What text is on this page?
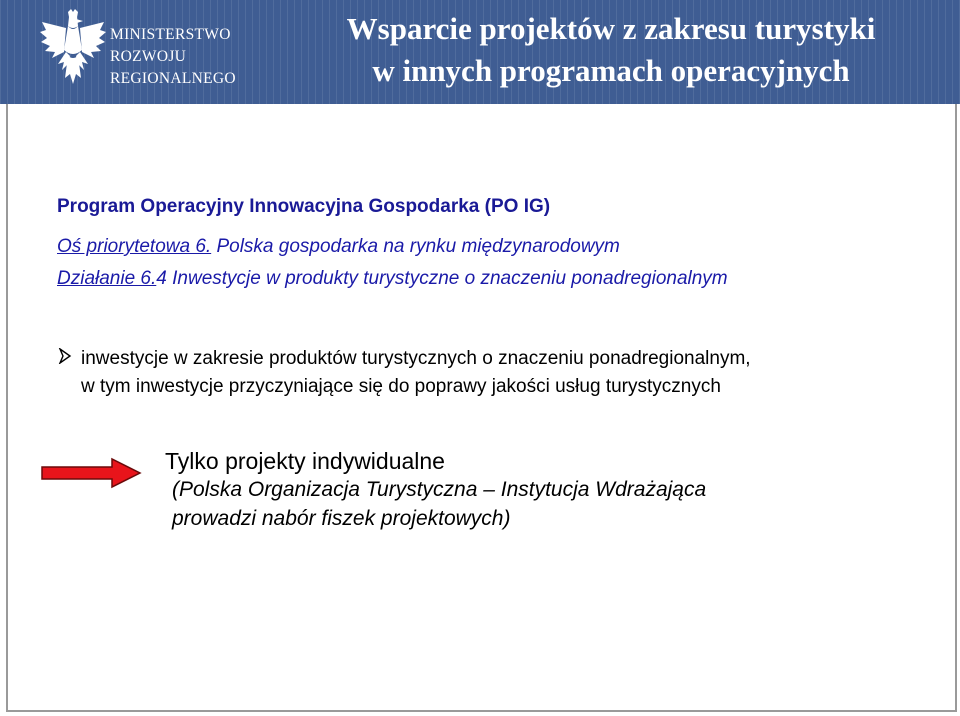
MINISTERSTWO
ROZWOJU
REGIONALNEGO
Wsparcie projektów z zakresu turystyki
w innych programach operacyjnych
Program Operacyjny Innowacyjna Gospodarka (PO IG)
Oś priorytetowa 6. Polska gospodarka na rynku międzynarodowym
Działanie 6.4 Inwestycje w produkty turystyczne o znaczeniu ponadregionalnym
inwestycje w zakresie produktów turystycznych o znaczeniu ponadregionalnym,
w tym inwestycje przyczyniające się do poprawy jakości usług turystycznych
Tylko projekty indywidualne
(Polska Organizacja Turystyczna – Instytucja Wdrażająca
prowadzi nabór fiszek projektowych)
